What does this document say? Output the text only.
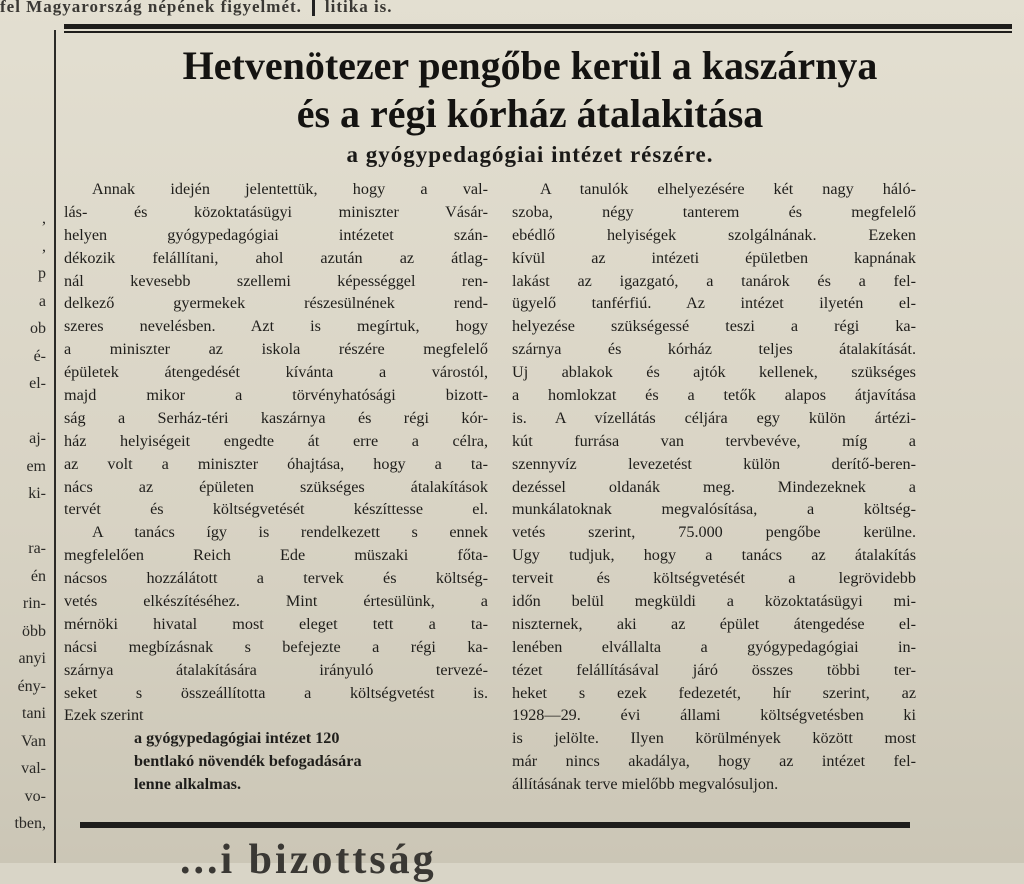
fel Magyarország népének figyelmét. litika is.
,
,
p
a
ob
é-
el-
aj-
em
ki-
ra-
én
rin-
öbb
anyi
ény-
tani
Van
val-
vo-
tben,
Hetvenötezer pengőbe kerül a kaszárnya
és a régi kórház átalakitása
a gyógypedagógiai intézet részére.
Annak idején jelentettük, hogy a val-
lás- és közoktatásügyi miniszter Vásár-
helyen gyógypedagógiai intézetet szán-
dékozik felállítani, ahol azután az átlag-
nál kevesebb szellemi képességgel ren-
delkező gyermekek részesülnének rend-
szeres nevelésben. Azt is megírtuk, hogy
a miniszter az iskola részére megfelelő
épületek átengedését kívánta a várostól,
majd mikor a törvényhatósági bizott-
ság a Serház-téri kaszárnya és régi kór-
ház helyiségeit engedte át erre a célra,
az volt a miniszter óhajtása, hogy a ta-
nács az épületen szükséges átalakítások
tervét és költségvetését készíttesse el.
A tanács így is rendelkezett s ennek
megfelelően Reich Ede müszaki főta-
nácsos hozzálátott a tervek és költség-
vetés elkészítéséhez. Mint értesülünk, a
mérnöki hivatal most eleget tett a ta-
nácsi megbízásnak s befejezte a régi ka-
szárnya átalakítására irányuló tervezé-
seket s összeállította a költségvetést is.
Ezek szerint
a gyógypedagógiai intézet 120
bentlakó növendék befogadására
lenne alkalmas.
A tanulók elhelyezésére két nagy háló-
szoba, négy tanterem és megfelelő
ebédlő helyiségek szolgálnának. Ezeken
kívül az intézeti épületben kapnának
lakást az igazgató, a tanárok és a fel-
ügyelő tanférfiú. Az intézet ilyetén el-
helyezése szükségessé teszi a régi ka-
szárnya és kórház teljes átalakítását.
Uj ablakok és ajtók kellenek, szükséges
a homlokzat és a tetők alapos átjavítása
is. A vízellátás céljára egy külön ártézi-
kút furrása van tervbevéve, míg a
szennyvíz levezetést külön derítő-beren-
dezéssel oldanák meg. Mindezeknek a
munkálatoknak megvalósítása, a költség-
vetés szerint, 75.000 pengőbe kerülne.
Ugy tudjuk, hogy a tanács az átalakítás
terveit és költségvetését a legrövidebb
időn belül megküldi a közoktatásügyi mi-
niszternek, aki az épület átengedése el-
lenében elvállalta a gyógypedagógiai in-
tézet felállításával járó összes többi ter-
heket s ezek fedezetét, hír szerint, az
1928—29. évi állami költségvetésben ki
is jelölte. Ilyen körülmények között most
már nincs akadálya, hogy az intézet fel-
állításának terve mielőbb megvalósuljon.
...i bizottság
